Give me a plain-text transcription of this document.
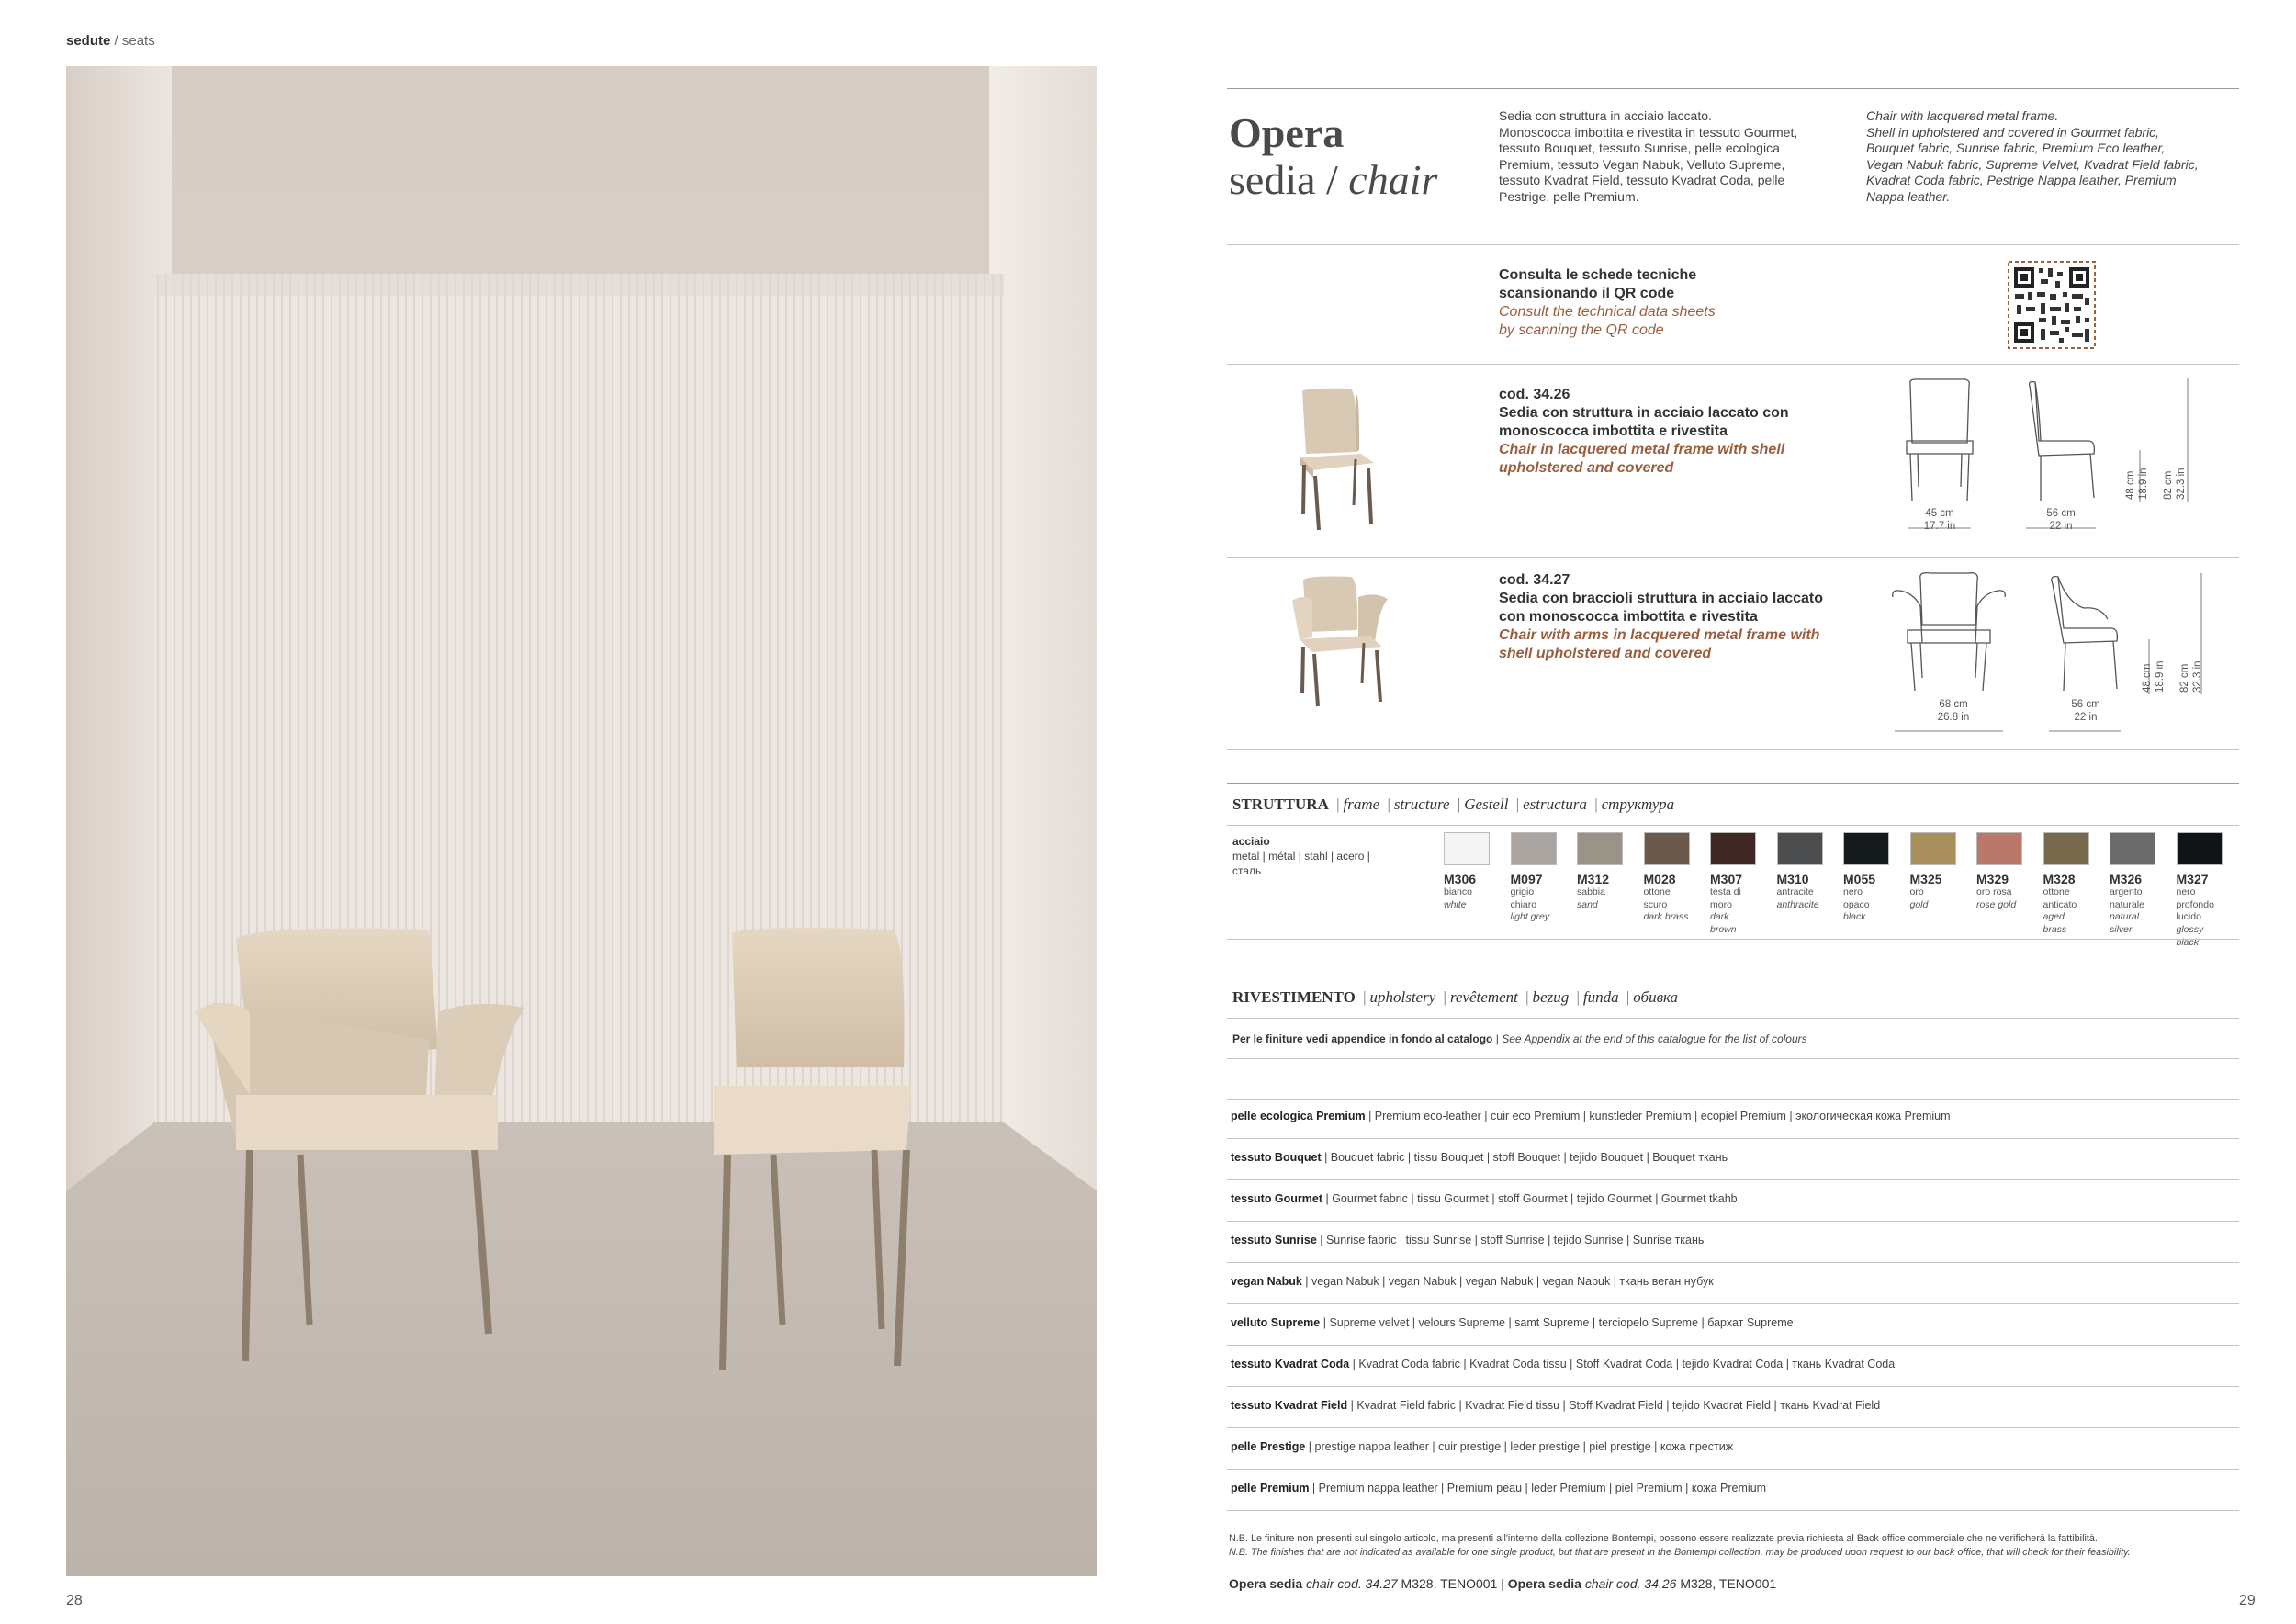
sedute / seats
28
Opera
sedia / chair
Sedia con struttura in acciaio laccato.
Monoscocca imbottita e rivestita in tessuto Gourmet,
tessuto Bouquet, tessuto Sunrise, pelle ecologica
Premium, tessuto Vegan Nabuk, Velluto Supreme,
tessuto Kvadrat Field, tessuto Kvadrat Coda, pelle
Pestrige, pelle Premium.
Chair with lacquered metal frame.
Shell in upholstered and covered in Gourmet fabric,
Bouquet fabric, Sunrise fabric, Premium Eco leather,
Vegan Nabuk fabric, Supreme Velvet, Kvadrat Field fabric,
Kvadrat Coda fabric, Pestrige Nappa leather, Premium
Nappa leather.
Consulta le schede tecniche
scansionando il QR code
Consult the technical data sheets
by scanning the QR code
cod. 34.26
Sedia con struttura in acciaio laccato con
monoscocca imbottita e rivestita
Chair in lacquered metal frame with shell
upholstered and covered
45 cm
17.7 in
56 cm
22 in
48 cm 18.9 in 82 cm 32.3 in
cod. 34.27
Sedia con braccioli struttura in acciaio laccato
con monoscocca imbottita e rivestita
Chair with arms in lacquered metal frame with
shell upholstered and covered
68 cm
26.8 in
56 cm
22 in
48 cm 18.9 in 82 cm 32.3 in
STRUTTURA | frame | structure | Gestell | estructura | структура
acciaio
metal | métal | stahl | acero |
сталь
M306
bianco
white
M097
grigio chiaro
light grey
M312
sabbia
sand
M028
ottone scuro
dark brass
M307
testa di moro
dark brown
M310
antracite
anthracite
M055
nero opaco
black
M325
oro
gold
M329
oro rosa
rose gold
M328
ottone
anticato
aged brass
M326
argento
naturale
natural silver
M327
nero profondo
lucido
glossy black
RIVESTIMENTO | upholstery | revêtement | bezug | funda | обивка
Per le finiture vedi appendice in fondo al catalogo | See Appendix at the end of this catalogue for the list of colours
pelle ecologica Premium | Premium eco-leather | cuir eco Premium | kunstleder Premium | ecopiel Premium | экологическая кожа Premium
tessuto Bouquet | Bouquet fabric | tissu Bouquet | stoff Bouquet | tejido Bouquet | Bouquet ткань
tessuto Gourmet | Gourmet fabric | tissu Gourmet | stoff Gourmet | tejido Gourmet | Gourmet tkahb
tessuto Sunrise | Sunrise fabric | tissu Sunrise | stoff Sunrise | tejido Sunrise | Sunrise ткань
vegan Nabuk | vegan Nabuk | vegan Nabuk | vegan Nabuk | vegan Nabuk | ткань веган нубук
velluto Supreme | Supreme velvet | velours Supreme | samt Supreme | terciopelo Supreme | бархат Supreme
tessuto Kvadrat Coda | Kvadrat Coda fabric | Kvadrat Coda tissu | Stoff Kvadrat Coda | tejido Kvadrat Coda | ткань Kvadrat Coda
tessuto Kvadrat Field | Kvadrat Field fabric | Kvadrat Field tissu | Stoff Kvadrat Field | tejido Kvadrat Field | ткань Kvadrat Field
pelle Prestige | prestige nappa leather | cuir prestige | leder prestige | piel prestige | кожа престиж
pelle Premium | Premium nappa leather | Premium peau | leder Premium | piel Premium | кожа Premium
N.B. Le finiture non presenti sul singolo articolo, ma presenti all'interno della collezione Bontempi, possono essere realizzate previa richiesta al Back office commerciale che ne verificherà la fattibilità.
N.B. The finishes that are not indicated as available for one single product, but that are present in the Bontempi collection, may be produced upon request to our back office, that will check for their feasibility.
Opera sedia chair cod. 34.27 M328, TENO001 | Opera sedia chair cod. 34.26 M328, TENO001
29
